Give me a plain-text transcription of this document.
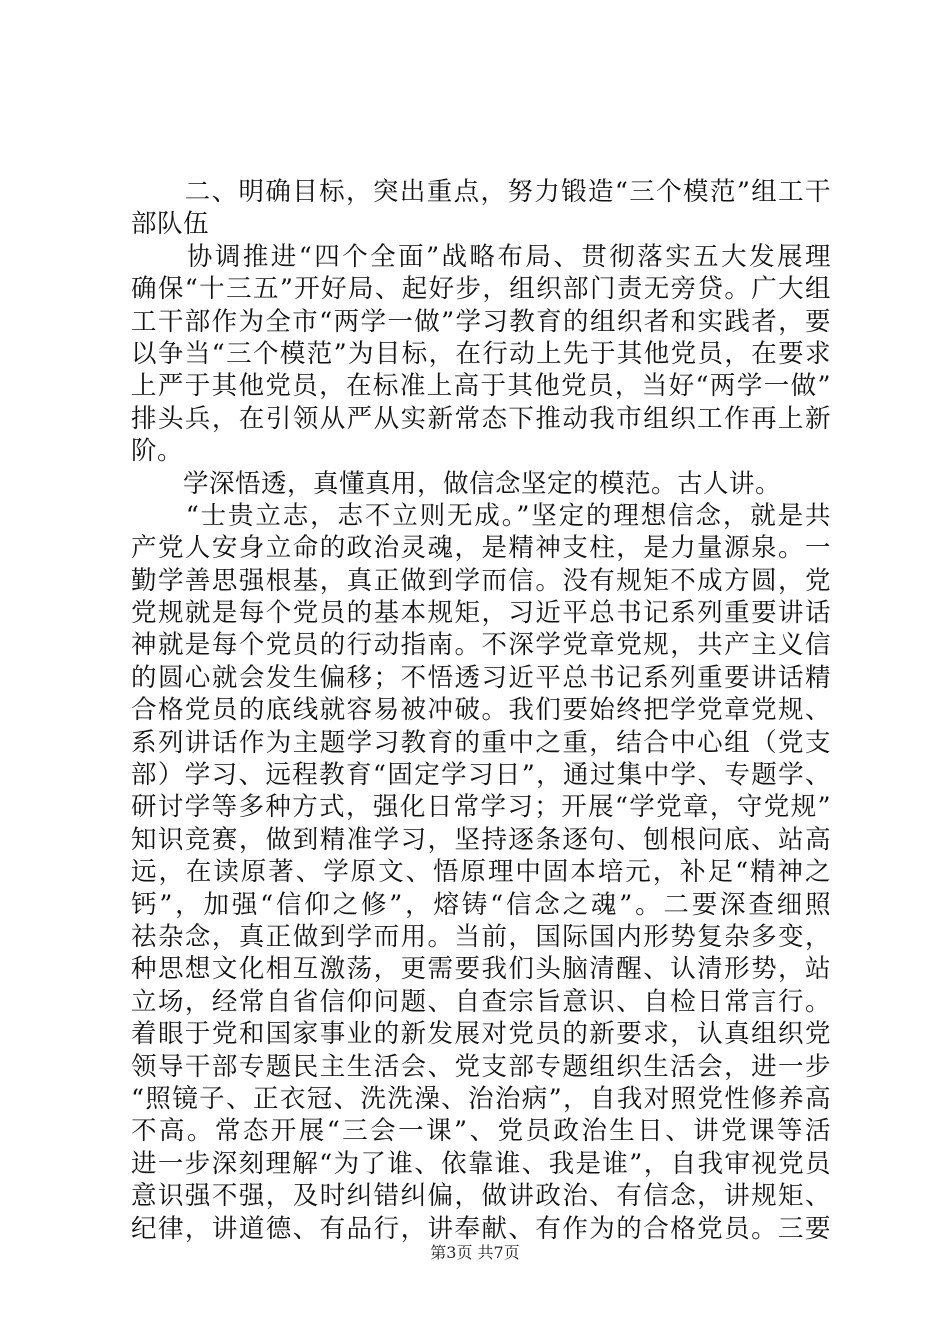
　　二、明确目标，突出重点，努力锻造“三个模范”组工干
部队伍
　　协调推进“四个全面”战略布局、贯彻落实五大发展理
确保“十三五”开好局、起好步，组织部门责无旁贷。广大组
工干部作为全市“两学一做”学习教育的组织者和实践者，要
以争当“三个模范”为目标，在行动上先于其他党员，在要求
上严于其他党员，在标准上高于其他党员，当好“两学一做”
排头兵，在引领从严从实新常态下推动我市组织工作再上新
阶。
　　学深悟透，真懂真用，做信念坚定的模范。古人讲。
　　“士贵立志，志不立则无成。”坚定的理想信念，就是共
产党人安身立命的政治灵魂，是精神支柱，是力量源泉。一
勤学善思强根基，真正做到学而信。没有规矩不成方圆，党
党规就是每个党员的基本规矩，习近平总书记系列重要讲话
神就是每个党员的行动指南。不深学党章党规，共产主义信
的圆心就会发生偏移；不悟透习近平总书记系列重要讲话精
合格党员的底线就容易被冲破。我们要始终把学党章党规、
系列讲话作为主题学习教育的重中之重，结合中心组（党支
部）学习、远程教育“固定学习日”，通过集中学、专题学、
研讨学等多种方式，强化日常学习；开展“学党章，守党规”
知识竞赛，做到精准学习，坚持逐条逐句、刨根问底、站高
远，在读原著、学原文、悟原理中固本培元，补足“精神之
钙”，加强“信仰之修”，熔铸“信念之魂”。二要深查细照
祛杂念，真正做到学而用。当前，国际国内形势复杂多变，
种思想文化相互激荡，更需要我们头脑清醒、认清形势，站
立场，经常自省信仰问题、自查宗旨意识、自检日常言行。
着眼于党和国家事业的新发展对党员的新要求，认真组织党
领导干部专题民主生活会、党支部专题组织生活会，进一步
“照镜子、正衣冠、洗洗澡、治治病”，自我对照党性修养高
不高。常态开展“三会一课”、党员政治生日、讲党课等活
进一步深刻理解“为了谁、依靠谁、我是谁”，自我审视党员
意识强不强，及时纠错纠偏，做讲政治、有信念，讲规矩、
纪律，讲道德、有品行，讲奉献、有作为的合格党员。三要
第3页 共7页
